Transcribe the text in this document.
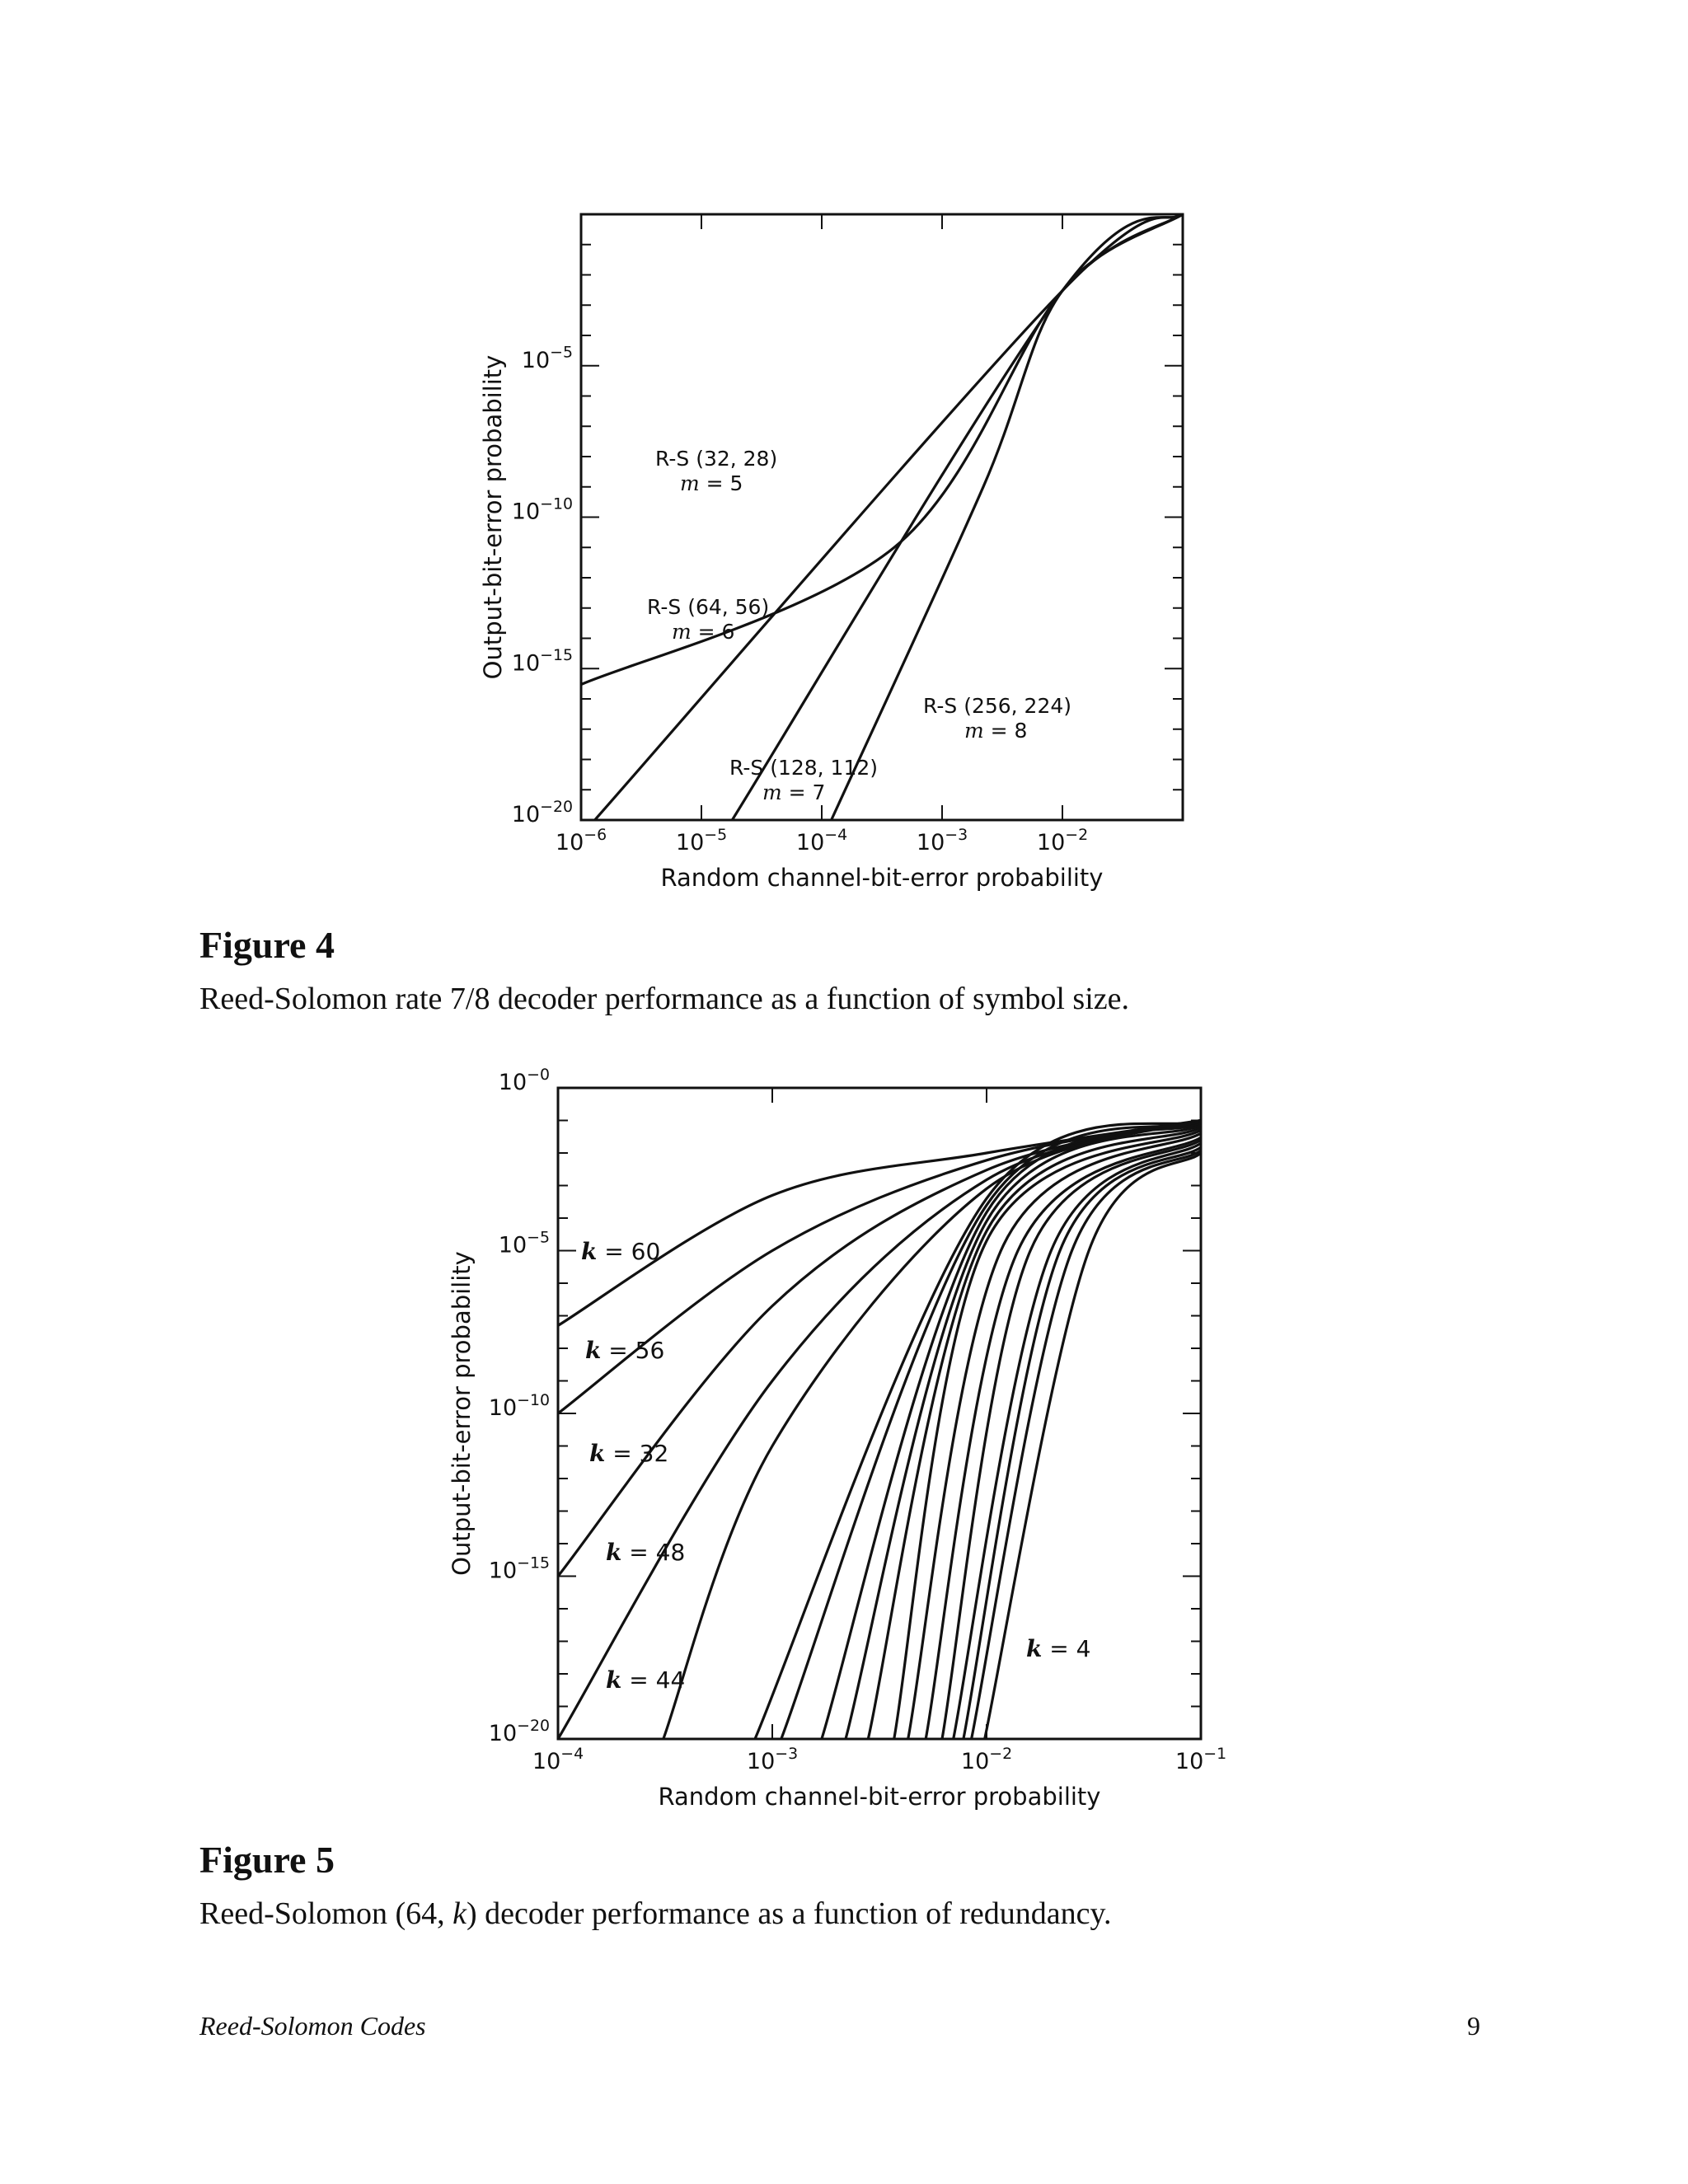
$10^{-6}$	$10^{-5}$	$10^{-4}$	$10^{-3}$	$10^{-2}$
$10^{-5}$
$10^{-10}$
$10^{-15}$
$10^{-20}$
Random channel-bit-error probability
Output-bit-error probability	R-S (32, 28)
m = 5
R-S (64, 56)
m = 6
R-S (128, 112)
m = 7
R-S (256, 224)
m = 8
Figure 4

Reed-Solomon rate 7/8 decoder performance as a function of symbol size.

$10^{-4}$	$10^{-3}$	$10^{-2}$	$10^{-1}$
$10^{-0}$
$10^{-5}$
$10^{-10}$
$10^{-15}$
$10^{-20}$
Random channel-bit-error probability
Output-bit-error probability	k = 60
k = 56
k = 32
k = 48
k = 44
k = 4
Figure 5

Reed-Solomon (64, k) decoder performance as a function of redundancy.

Reed-Solomon Codes	9
